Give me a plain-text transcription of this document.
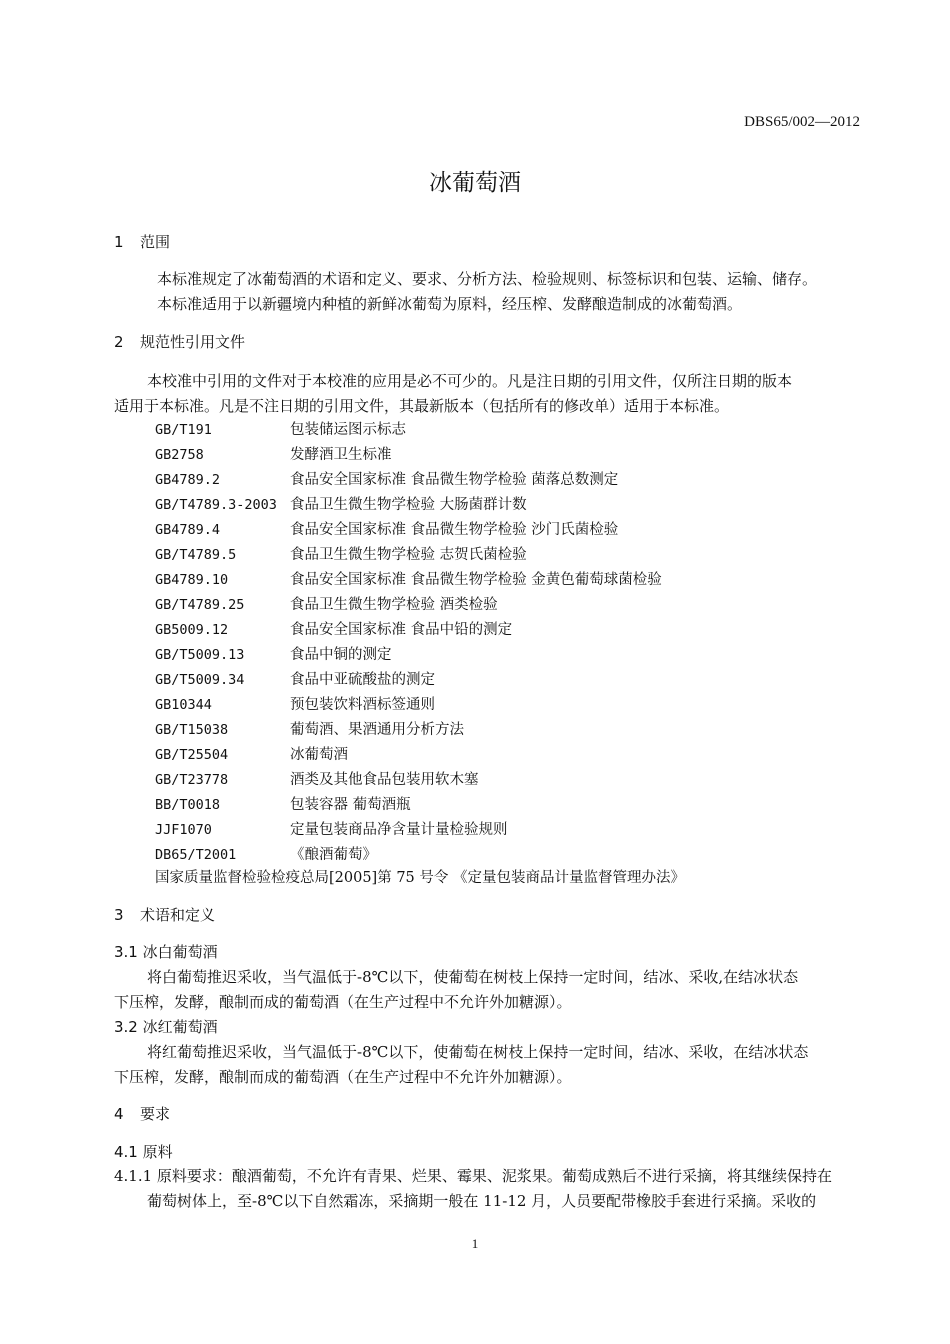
DBS65/002—2012
冰葡萄酒
1 范围
本标准规定了冰葡萄酒的术语和定义、要求、分析方法、检验规则、标签标识和包装、运输、储存。
本标准适用于以新疆境内种植的新鲜冰葡萄为原料，经压榨、发酵酿造制成的冰葡萄酒。
2 规范性引用文件
本校准中引用的文件对于本校准的应用是必不可少的。凡是注日期的引用文件，仅所注日期的版本
适用于本标准。凡是不注日期的引用文件，其最新版本（包括所有的修改单）适用于本标准。
GB/T191	包装储运图示标志
GB2758	发酵酒卫生标准
GB4789.2	食品安全国家标准 食品微生物学检验 菌落总数测定
GB/T4789.3-2003 食品卫生微生物学检验 大肠菌群计数
GB4789.4	食品安全国家标准 食品微生物学检验 沙门氏菌检验
GB/T4789.5	食品卫生微生物学检验 志贺氏菌检验
GB4789.10	食品安全国家标准 食品微生物学检验 金黄色葡萄球菌检验
GB/T4789.25	食品卫生微生物学检验 酒类检验
GB5009.12	食品安全国家标准 食品中铅的测定
GB/T5009.13	食品中铜的测定
GB/T5009.34	食品中亚硫酸盐的测定
GB10344	预包装饮料酒标签通则
GB/T15038	葡萄酒、果酒通用分析方法
GB/T25504	冰葡萄酒
GB/T23778	酒类及其他食品包装用软木塞
BB/T0018	包装容器 葡萄酒瓶
JJF1070	定量包装商品净含量计量检验规则
DB65/T2001	《酿酒葡萄》
国家质量监督检验检疫总局[2005]第 75 号令 《定量包装商品计量监督管理办法》
3 术语和定义
3.1 冰白葡萄酒
将白葡萄推迟采收，当气温低于-8℃以下，使葡萄在树枝上保持一定时间，结冰、采收,在结冰状态
下压榨，发酵，酿制而成的葡萄酒（在生产过程中不允许外加糖源）。
3.2 冰红葡萄酒
将红葡萄推迟采收，当气温低于-8℃以下，使葡萄在树枝上保持一定时间，结冰、采收，在结冰状态
下压榨，发酵，酿制而成的葡萄酒（在生产过程中不允许外加糖源）。
4 要求
4.1 原料
4.1.1 原料要求：酿酒葡萄，不允许有青果、烂果、霉果、泥浆果。葡萄成熟后不进行采摘，将其继续保持在
葡萄树体上，至-8℃以下自然霜冻，采摘期一般在 11-12 月，人员要配带橡胶手套进行采摘。采收的
1
